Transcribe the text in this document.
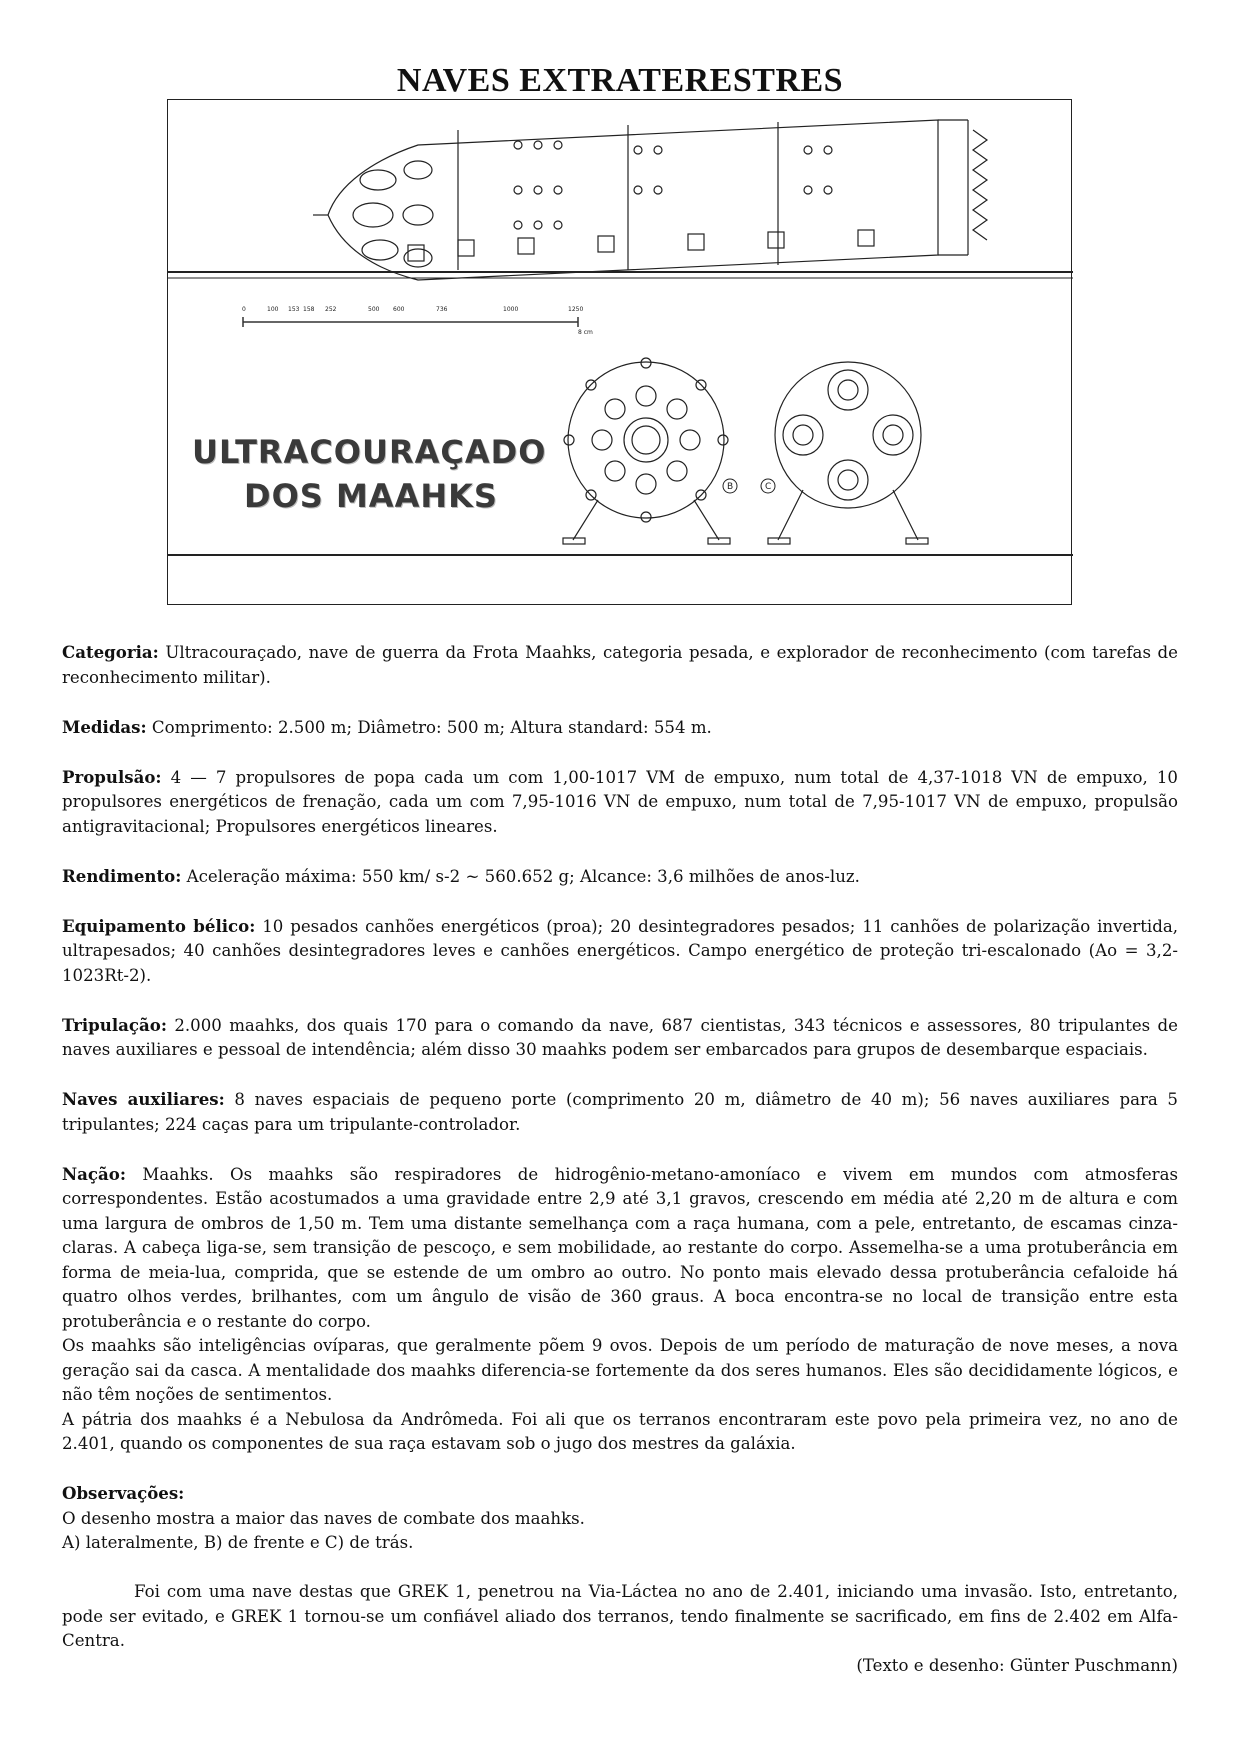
NAVES EXTRATERESTRES
0	100 153 158 252	500 600	736	1000	1250
8 cm
B	C
ULTRACOURAÇADO
DOS MAAHKS

Categoria: Ultracouraçado, nave de guerra da Frota Maahks, categoria pesada, e explorador de reconhecimento (com tarefas de reconhecimento militar).

Medidas: Comprimento: 2.500 m; Diâmetro: 500 m; Altura standard: 554 m.

Propulsão: 4 — 7 propulsores de popa cada um com 1,00-1017 VM de empuxo, num total de 4,37-1018 VN de empuxo, 10 propulsores energéticos de frenação, cada um com 7,95-1016 VN de empuxo, num total de 7,95-1017 VN de empuxo, propulsão antigravitacional; Propulsores energéticos lineares.

Rendimento: Aceleração máxima: 550 km/ s-2 ~ 560.652 g; Alcance: 3,6 milhões de anos-luz.

Equipamento bélico: 10 pesados canhões energéticos (proa); 20 desintegradores pesados; 11 canhões de polarização invertida, ultrapesados; 40 canhões desintegradores leves e canhões energéticos. Campo energético de proteção tri-escalonado (Ao = 3,2-1023Rt-2).

Tripulação: 2.000 maahks, dos quais 170 para o comando da nave, 687 cientistas, 343 técnicos e assessores, 80 tripulantes de naves auxiliares e pessoal de intendência; além disso 30 maahks podem ser embarcados para grupos de desembarque espaciais.

Naves auxiliares: 8 naves espaciais de pequeno porte (comprimento 20 m, diâmetro de 40 m); 56 naves auxiliares para 5 tripulantes; 224 caças para um tripulante-controlador.

Nação: Maahks. Os maahks são respiradores de hidrogênio-metano-amoníaco e vivem em mundos com atmosferas correspondentes. Estão acostumados a uma gravidade entre 2,9 até 3,1 gravos, crescendo em média até 2,20 m de altura e com uma largura de ombros de 1,50 m. Tem uma distante semelhança com a raça humana, com a pele, entretanto, de escamas cinza-claras. A cabeça liga-se, sem transição de pescoço, e sem mobilidade, ao restante do corpo. Assemelha-se a uma protuberância em forma de meia-lua, comprida, que se estende de um ombro ao outro. No ponto mais elevado dessa protuberância cefaloide há quatro olhos verdes, brilhantes, com um ângulo de visão de 360 graus. A boca encontra-se no local de transição entre esta protuberância e o restante do corpo.

Os maahks são inteligências ovíparas, que geralmente põem 9 ovos. Depois de um período de maturação de nove meses, a nova geração sai da casca. A mentalidade dos maahks diferencia-se fortemente da dos seres humanos. Eles são decididamente lógicos, e não têm noções de sentimentos.

A pátria dos maahks é a Nebulosa da Andrômeda. Foi ali que os terranos encontraram este povo pela primeira vez, no ano de 2.401, quando os componentes de sua raça estavam sob o jugo dos mestres da galáxia.

Observações:

O desenho mostra a maior das naves de combate dos maahks.

A) lateralmente, B) de frente e C) de trás.

Foi com uma nave destas que GREK 1, penetrou na Via-Láctea no ano de 2.401, iniciando uma invasão. Isto, entretanto, pode ser evitado, e GREK 1 tornou-se um confiável aliado dos terranos, tendo finalmente se sacrificado, em fins de 2.402 em Alfa-Centra.

(Texto e desenho: Günter Puschmann)
